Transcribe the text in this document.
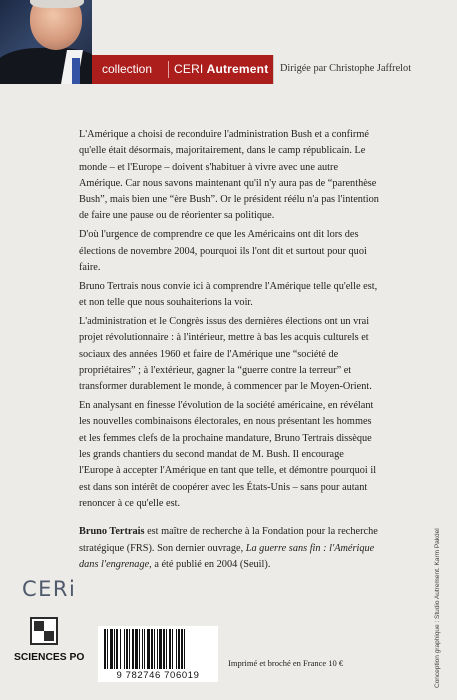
collection CERI Autrement Dirigée par Christophe Jaffrelot

L'Amérique a choisi de reconduire l'administration Bush et a confirmé qu'elle était désormais, majoritairement, dans le camp républicain. Le monde – et l'Europe – doivent s'habituer à vivre avec une autre Amérique. Car nous savons maintenant qu'il n'y aura pas de “parenthèse Bush”, mais bien une “ère Bush”. Or le président réélu n'a pas l'intention de faire une pause ou de réorienter sa politique.

D'où l'urgence de comprendre ce que les Américains ont dit lors des élections de novembre 2004, pourquoi ils l'ont dit et surtout pour quoi faire.

Bruno Tertrais nous convie ici à comprendre l'Amérique telle qu'elle est, et non telle que nous souhaiterions la voir.

L'administration et le Congrès issus des dernières élections ont un vrai projet révolutionnaire : à l'intérieur, mettre à bas les acquis culturels et sociaux des années 1960 et faire de l'Amérique une “société de propriétaires” ; à l'extérieur, gagner la “guerre contre la terreur” et transformer durablement le monde, à commencer par le Moyen-Orient.

En analysant en finesse l'évolution de la société américaine, en révélant les nouvelles combinaisons électorales, en nous présentant les hommes et les femmes clefs de la prochaine mandature, Bruno Tertrais dissèque les grands chantiers du second mandat de M. Bush. Il encourage l'Europe à accepter l'Amérique en tant que telle, et démontre pourquoi il est dans son intérêt de coopérer avec les États-Unis – sans pour autant renoncer à ce qu'elle est.

Bruno Tertrais est maître de recherche à la Fondation pour la recherche stratégique (FRS). Son dernier ouvrage, La guerre sans fin : l'Amérique dans l'engrenage, a été publié en 2004 (Seuil).

CERi
SCIENCES PO
9 782746 706019
Imprimé et broché en France 10 €	Conception graphique : Studio Autrement. Karm Pakdel
